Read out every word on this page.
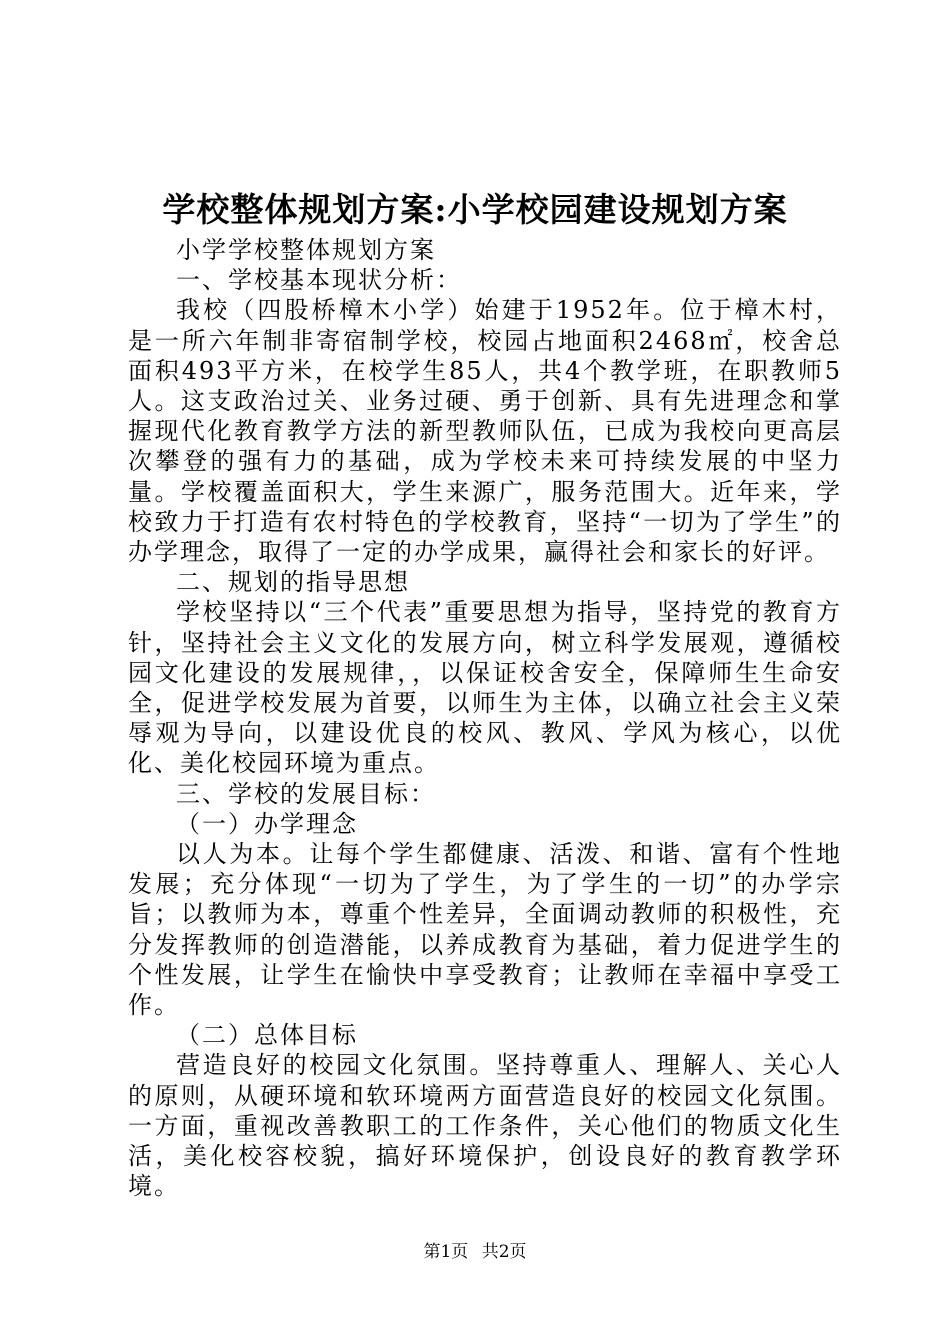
学校整体规划方案:小学校园建设规划方案

小学学校整体规划方案

一、学校基本现状分析：

我校（四股桥樟木小学）始建于1952年。位于樟木村，是一所六年制非寄宿制学校，校园占地面积2468㎡，校舍总面积493平方米，在校学生85人，共4个教学班，在职教师5人。这支政治过关、业务过硬、勇于创新、具有先进理念和掌握现代化教育教学方法的新型教师队伍，已成为我校向更高层次攀登的强有力的基础，成为学校未来可持续发展的中坚力量。学校覆盖面积大，学生来源广，服务范围大。近年来，学校致力于打造有农村特色的学校教育，坚持“一切为了学生”的办学理念，取得了一定的办学成果，赢得社会和家长的好评。

二、规划的指导思想

学校坚持以“三个代表”重要思想为指导，坚持党的教育方针，坚持社会主义文化的发展方向，树立科学发展观，遵循校园文化建设的发展规律，，以保证校舍安全，保障师生生命安全，促进学校发展为首要，以师生为主体，以确立社会主义荣辱观为导向，以建设优良的校风、教风、学风为核心，以优化、美化校园环境为重点。

三、学校的发展目标：

（一）办学理念

以人为本。让每个学生都健康、活泼、和谐、富有个性地发展；充分体现“一切为了学生，为了学生的一切”的办学宗旨；以教师为本，尊重个性差异，全面调动教师的积极性，充分发挥教师的创造潜能，以养成教育为基础，着力促进学生的个性发展，让学生在愉快中享受教育；让教师在幸福中享受工作。

（二）总体目标

营造良好的校园文化氛围。坚持尊重人、理解人、关心人的原则，从硬环境和软环境两方面营造良好的校园文化氛围。一方面，重视改善教职工的工作条件，关心他们的物质文化生活，美化校容校貌，搞好环境保护，创设良好的教育教学环境。

第1页 共2页
